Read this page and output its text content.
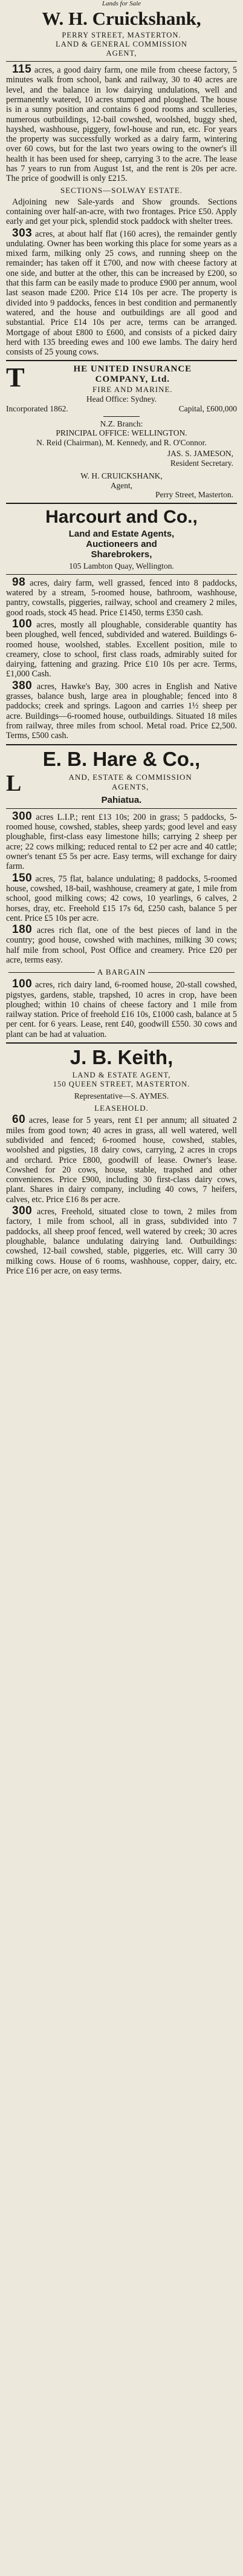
Lands for Sale
W. H. Cruickshank,
PERRY STREET, MASTERTON.
LAND & GENERAL COMMISSION
AGENT,

115 acres, a good dairy farm, one mile from cheese factory, 5 minutes walk from school, bank and railway, 30 to 40 acres are level, and the balance in low dairying undulations, well and permanently watered, 10 acres stumped and ploughed. The house is in a sunny position and contains 6 good rooms and sculleries, numerous outbuildings, 12-bail cowshed, woolshed, buggy shed, hayshed, washhouse, piggery, fowl-house and run, etc. For years the property was successfully worked as a dairy farm, wintering over 60 cows, but for the last two years owing to the owner's ill health it has been used for sheep, carrying 3 to the acre. The lease has 7 years to run from August 1st, and the rent is 20s per acre. The price of goodwill is only £215.

SECTIONS—SOLWAY ESTATE.

Adjoining new Sale-yards and Show grounds. Sections containing over half-an-acre, with two frontages. Price £50. Apply early and get your pick, splendid stock paddock with shelter trees.

303 acres, at about half flat (160 acres), the remainder gently undulating. Owner has been working this place for some years as a mixed farm, milking only 25 cows, and running sheep on the remainder; has taken off it £700, and now with cheese factory at one side, and butter at the other, this can be increased by £200, so that this farm can be easily made to produce £900 per annum, wool last season made £200. Price £14 10s per acre. The property is divided into 9 paddocks, fences in best condition and permanently watered, and the house and outbuildings are all good and substantial. Price £14 10s per acre, terms can be arranged. Mortgage of about £800 to £600, and consists of a picked dairy herd with 135 breeding ewes and 100 ewe lambs. The dairy herd consists of 25 young cows.

T	HE UNITED INSURANCE
COMPANY, Ltd.
FIRE AND MARINE.
Head Office: Sydney.
Incorporated 1862.	Capital, £600,000
N.Z. Branch:
PRINCIPAL OFFICE: WELLINGTON.
N. Reid (Chairman), M. Kennedy, and R. O'Connor.
JAS. S. JAMESON,
Resident Secretary.
W. H. CRUICKSHANK,
Agent,
Perry Street, Masterton.
Harcourt and Co.,
Land and Estate Agents,
Auctioneers and
Sharebrokers,
105 Lambton Quay, Wellington.

98 acres, dairy farm, well grassed, fenced into 8 paddocks, watered by a stream, 5-roomed house, bathroom, washhouse, pantry, cowstalls, piggeries, railway, school and creamery 2 miles, good roads, stock 45 head. Price £1450, terms £350 cash.

100 acres, mostly all ploughable, considerable quantity has been ploughed, well fenced, subdivided and watered. Buildings 6-roomed house, woolshed, stables. Excellent position, mile to creamery, close to school, first class roads, admirably suited for dairying, fattening and grazing. Price £10 10s per acre. Terms, £1,000 Cash.

380 acres, Hawke's Bay, 300 acres in English and Native grasses, balance bush, large area in ploughable; fenced into 8 paddocks; creek and springs. Lagoon and carries 1½ sheep per acre. Buildings—6-roomed house, outbuildings. Situated 18 miles from railway, three miles from school. Metal road. Price £2,500. Terms, £500 cash.

E. B. Hare & Co.,
L	AND, ESTATE & COMMISSION
AGENTS,
Pahiatua.

300 acres L.I.P.; rent £13 10s; 200 in grass; 5 paddocks, 5-roomed house, cowshed, stables, sheep yards; good level and easy ploughable, first-class easy limestone hills; carrying 2 sheep per acre; 22 cows milking; reduced rental to £2 per acre and 40 cattle; owner's tenant £5 5s per acre. Easy terms, will exchange for dairy farm.

150 acres, 75 flat, balance undulating; 8 paddocks, 5-roomed house, cowshed, 18-bail, washhouse, creamery at gate, 1 mile from school, good milking cows; 42 cows, 10 yearlings, 6 calves, 2 horses, dray, etc. Freehold £15 17s 6d, £250 cash, balance 5 per cent. Price £5 10s per acre.

180 acres rich flat, one of the best pieces of land in the country; good house, cowshed with machines, milking 30 cows; half mile from school, Post Office and creamery. Price £20 per acre, terms easy.

A BARGAIN

100 acres, rich dairy land, 6-roomed house, 20-stall cowshed, pigstyes, gardens, stable, trapshed, 10 acres in crop, have been ploughed; within 10 chains of cheese factory and 1 mile from railway station. Price of freehold £16 10s, £1000 cash, balance at 5 per cent. for 6 years. Lease, rent £40, goodwill £550. 30 cows and plant can be had at valuation.

J. B. Keith,
LAND & ESTATE AGENT,
150 QUEEN STREET, MASTERTON.
Representative—S. AYMES.
LEASEHOLD.

60 acres, lease for 5 years, rent £1 per annum; all situated 2 miles from good town; 40 acres in grass, all well watered, well subdivided and fenced; 6-roomed house, cowshed, stables, woolshed and pigsties, 18 dairy cows, carrying, 2 acres in crops and orchard. Price £800, goodwill of lease. Owner's lease. Cowshed for 20 cows, house, stable, trapshed and other conveniences. Price £900, including 30 first-class dairy cows, plant. Shares in dairy company, including 40 cows, 7 heifers, calves, etc. Price £16 8s per acre.

300 acres, Freehold, situated close to town, 2 miles from factory, 1 mile from school, all in grass, subdivided into 7 paddocks, all sheep proof fenced, well watered by creek; 30 acres ploughable, balance undulating dairying land. Outbuildings: cowshed, 12-bail cowshed, stable, piggeries, etc. Will carry 30 milking cows. House of 6 rooms, washhouse, copper, dairy, etc. Price £16 per acre, on easy terms.
